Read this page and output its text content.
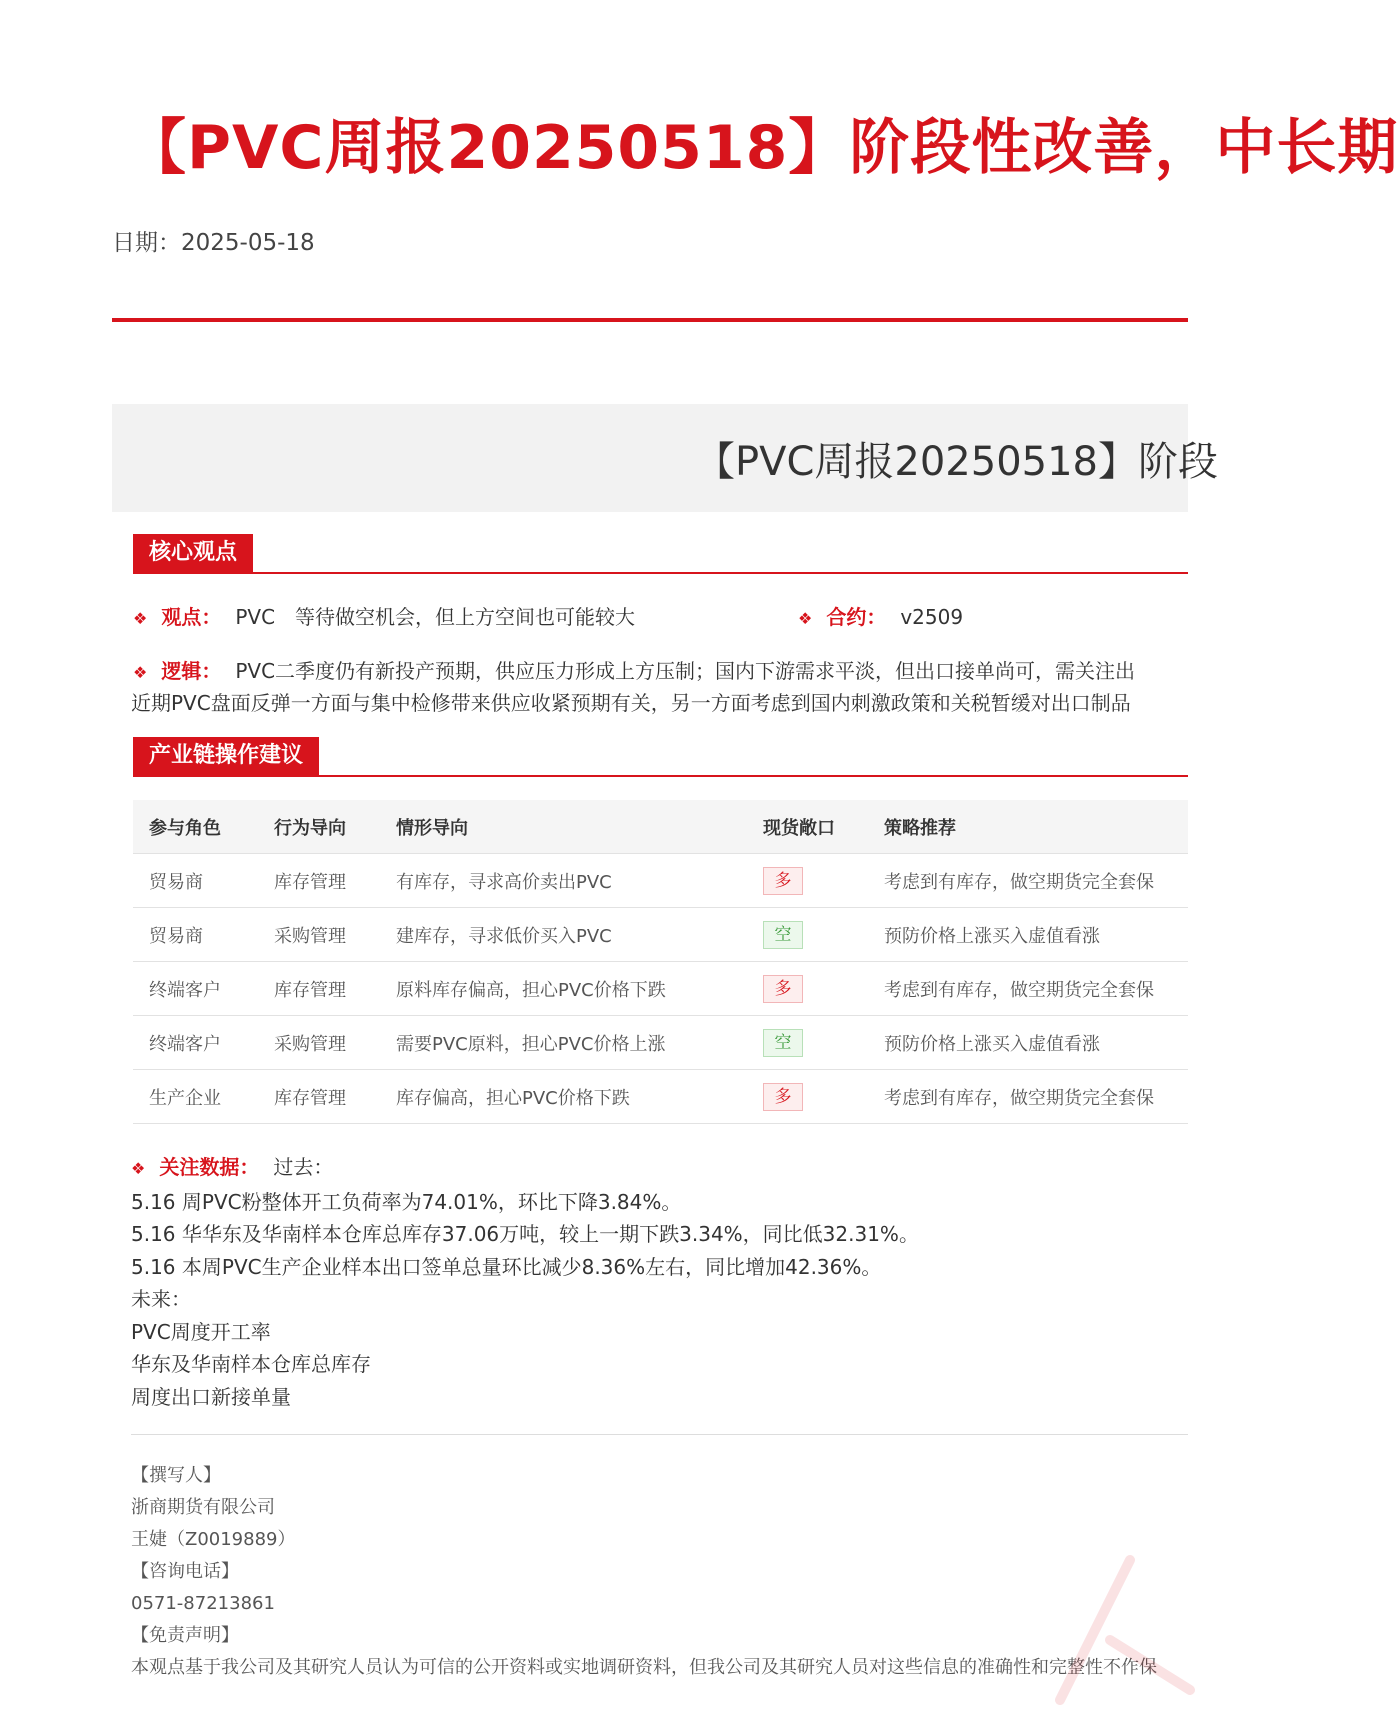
【PVC周报20250518】阶段性改善，中长期
日期：2025-05-18
【PVC周报20250518】阶段
核心观点
❖ 观点： PVC　等待做空机会，但上方空间也可能较大	❖ 合约： v2509
❖ 逻辑： PVC二季度仍有新投产预期，供应压力形成上方压制；国内下游需求平淡，但出口接单尚可，需关注出
近期PVC盘面反弹一方面与集中检修带来供应收紧预期有关，另一方面考虑到国内刺激政策和关税暂缓对出口制品
产业链操作建议
参与角色	行为导向	情形导向	现货敞口	策略推荐
贸易商	库存管理	有库存，寻求高价卖出PVC	多	考虑到有库存，做空期货完全套保
贸易商	采购管理	建库存，寻求低价买入PVC	空	预防价格上涨买入虚值看涨
终端客户	库存管理	原料库存偏高，担心PVC价格下跌	多	考虑到有库存，做空期货完全套保
终端客户	采购管理	需要PVC原料，担心PVC价格上涨	空	预防价格上涨买入虚值看涨
生产企业	库存管理	库存偏高，担心PVC价格下跌	多	考虑到有库存，做空期货完全套保
❖ 关注数据： 过去：
5.16 周PVC粉整体开工负荷率为74.01%，环比下降3.84%。
5.16 华华东及华南样本仓库总库存37.06万吨，较上一期下跌3.34%，同比低32.31%。
5.16 本周PVC生产企业样本出口签单总量环比减少8.36%左右，同比增加42.36%。
未来：
PVC周度开工率
华东及华南样本仓库总库存
周度出口新接单量
【撰写人】
浙商期货有限公司
王婕（Z0019889）
【咨询电话】
0571-87213861
【免责声明】
本观点基于我公司及其研究人员认为可信的公开资料或实地调研资料，但我公司及其研究人员对这些信息的准确性和完整性不作保
